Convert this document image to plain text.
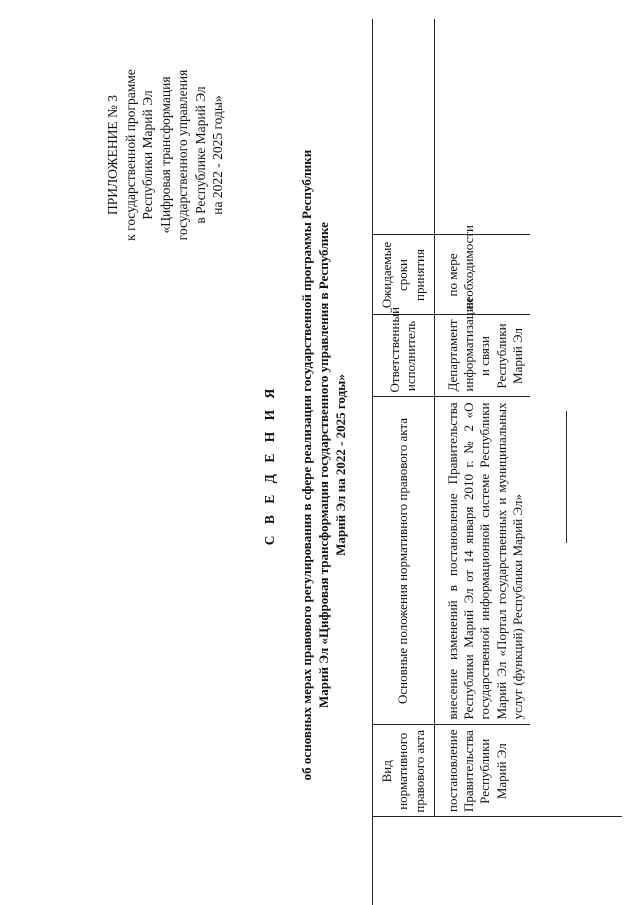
ПРИЛОЖЕНИЕ № 3 к государственной программе Республики Марий Эл «Цифровая трансформация государственного управления в Республике Марий Эл на 2022 - 2025 годы»
С В Е Д Е Н И Я об основных мерах правового регулирования в сфере реализации государственной программы Республики Марий Эл «Цифровая трансформация государственного управления в Республике Марий Эл на 2022 - 2025 годы»
Вид нормативного правового акта	Основные положения нормативного правового акта	Ответственный исполнитель	Ожидаемые сроки принятия	
постановление Правительства Республики Марий Эл	внесение изменений в постановление Правительства Республики Марий Эл от 14 января 2010 г. № 2 «О государственной информационной системе Республики Марий Эл «Портал государственных и муниципальных услуг (функций) Республики Марий Эл»	Департамент информатизации и связи Республики Марий Эл	по мере необходимости	
